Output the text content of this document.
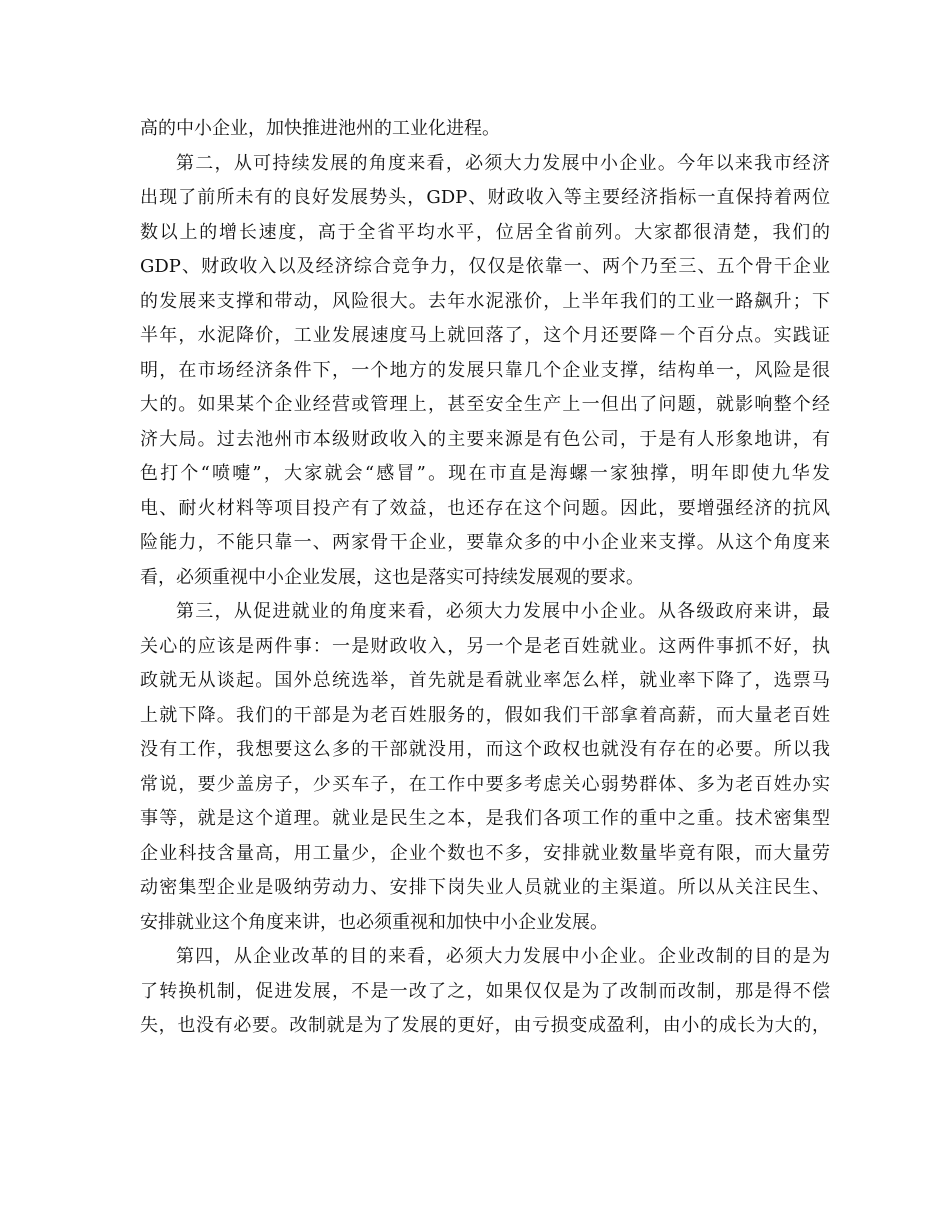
高的中小企业，加快推进池州的工业化进程。
第二，从可持续发展的角度来看，必须大力发展中小企业。今年以来我市经济
出现了前所未有的良好发展势头，GDP、财政收入等主要经济指标一直保持着两位
数以上的增长速度，高于全省平均水平，位居全省前列。大家都很清楚，我们的
GDP、财政收入以及经济综合竞争力，仅仅是依靠一、两个乃至三、五个骨干企业
的发展来支撑和带动，风险很大。去年水泥涨价，上半年我们的工业一路飙升；下
半年，水泥降价，工业发展速度马上就回落了，这个月还要降－个百分点。实践证
明，在市场经济条件下，一个地方的发展只靠几个企业支撑，结构单一，风险是很
大的。如果某个企业经营或管理上，甚至安全生产上一但出了问题，就影响整个经
济大局。过去池州市本级财政收入的主要来源是有色公司，于是有人形象地讲，有
色打个“喷嚏”，大家就会“感冒”。现在市直是海螺一家独撑，明年即使九华发
电、耐火材料等项目投产有了效益，也还存在这个问题。因此，要增强经济的抗风
险能力，不能只靠一、两家骨干企业，要靠众多的中小企业来支撑。从这个角度来
看，必须重视中小企业发展，这也是落实可持续发展观的要求。
第三，从促进就业的角度来看，必须大力发展中小企业。从各级政府来讲，最
关心的应该是两件事：一是财政收入，另一个是老百姓就业。这两件事抓不好，执
政就无从谈起。国外总统选举，首先就是看就业率怎么样，就业率下降了，选票马
上就下降。我们的干部是为老百姓服务的，假如我们干部拿着高薪，而大量老百姓
没有工作，我想要这么多的干部就没用，而这个政权也就没有存在的必要。所以我
常说，要少盖房子，少买车子，在工作中要多考虑关心弱势群体、多为老百姓办实
事等，就是这个道理。就业是民生之本，是我们各项工作的重中之重。技术密集型
企业科技含量高，用工量少，企业个数也不多，安排就业数量毕竟有限，而大量劳
动密集型企业是吸纳劳动力、安排下岗失业人员就业的主渠道。所以从关注民生、
安排就业这个角度来讲，也必须重视和加快中小企业发展。
第四，从企业改革的目的来看，必须大力发展中小企业。企业改制的目的是为
了转换机制，促进发展，不是一改了之，如果仅仅是为了改制而改制，那是得不偿
失，也没有必要。改制就是为了发展的更好，由亏损变成盈利，由小的成长为大的，
